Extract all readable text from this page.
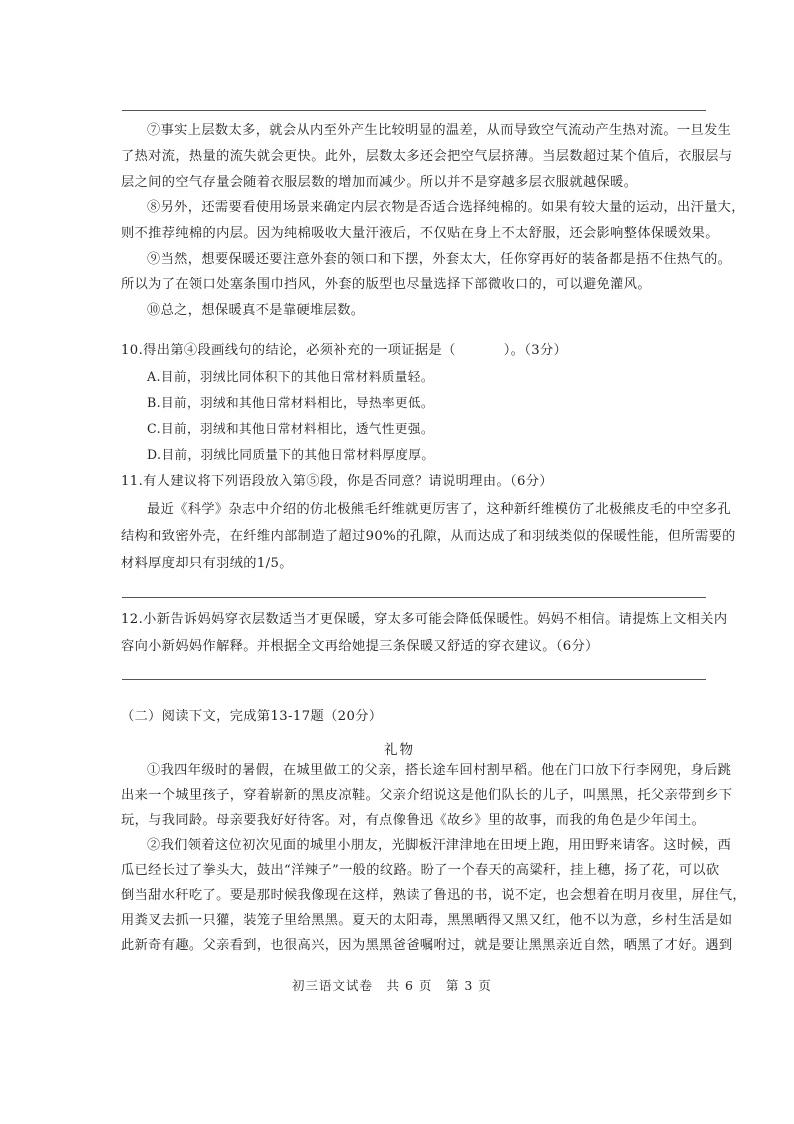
⑦事实上层数太多，就会从内至外产生比较明显的温差，从而导致空气流动产生热对流。一旦发生
了热对流，热量的流失就会更快。此外，层数太多还会把空气层挤薄。当层数超过某个值后，衣服层与
层之间的空气存量会随着衣服层数的增加而减少。所以并不是穿越多层衣服就越保暖。
⑧另外，还需要看使用场景来确定内层衣物是否适合选择纯棉的。如果有较大量的运动，出汗量大，
则不推荐纯棉的内层。因为纯棉吸收大量汗液后，不仅贴在身上不太舒服，还会影响整体保暖效果。
⑨当然，想要保暖还要注意外套的领口和下摆，外套太大，任你穿再好的装备都是捂不住热气的。
所以为了在领口处塞条围巾挡风，外套的版型也尽量选择下部微收口的，可以避免灌风。
⑩总之，想保暖真不是靠硬堆层数。
10.得出第④段画线句的结论，必须补充的一项证据是（	）。（3分）
A.目前，羽绒比同体积下的其他日常材料质量轻。
B.目前，羽绒和其他日常材料相比，导热率更低。
C.目前，羽绒和其他日常材料相比，透气性更强。
D.目前，羽绒比同质量下的其他日常材料厚度厚。
11.有人建议将下列语段放入第⑤段，你是否同意？请说明理由。（6分）
最近《科学》杂志中介绍的仿北极熊毛纤维就更厉害了，这种新纤维模仿了北极熊皮毛的中空多孔
结构和致密外壳，在纤维内部制造了超过90%的孔隙，从而达成了和羽绒类似的保暖性能，但所需要的
材料厚度却只有羽绒的1/5。
12.小新告诉妈妈穿衣层数适当才更保暖，穿太多可能会降低保暖性。妈妈不相信。请提炼上文相关内
容向小新妈妈作解释。并根据全文再给她提三条保暖又舒适的穿衣建议。（6分）
（二）阅读下文，完成第13-17题（20分）
礼物
①我四年级时的暑假，在城里做工的父亲，搭长途车回村割早稻。他在门口放下行李网兜，身后跳
出来一个城里孩子，穿着崭新的黑皮凉鞋。父亲介绍说这是他们队长的儿子，叫黑黑，托父亲带到乡下
玩，与我同龄。母亲要我好好待客。对，有点像鲁迅《故乡》里的故事，而我的角色是少年闰土。
②我们领着这位初次见面的城里小朋友，光脚板汗津津地在田埂上跑，用田野来请客。这时候，西
瓜已经长过了拳头大，鼓出“洋辣子”一般的纹路。盼了一个春天的高粱秆，挂上穗，扬了花，可以砍
倒当甜水秆吃了。要是那时候我像现在这样，熟读了鲁迅的书，说不定，也会想着在明月夜里，屏住气，
用粪叉去抓一只獾，装笼子里给黑黑。夏天的太阳毒，黑黑晒得又黑又红，他不以为意，乡村生活是如
此新奇有趣。父亲看到，也很高兴，因为黑黑爸爸嘱咐过，就是要让黑黑亲近自然，晒黑了才好。遇到
初三语文试卷　共 6 页　第 3 页
